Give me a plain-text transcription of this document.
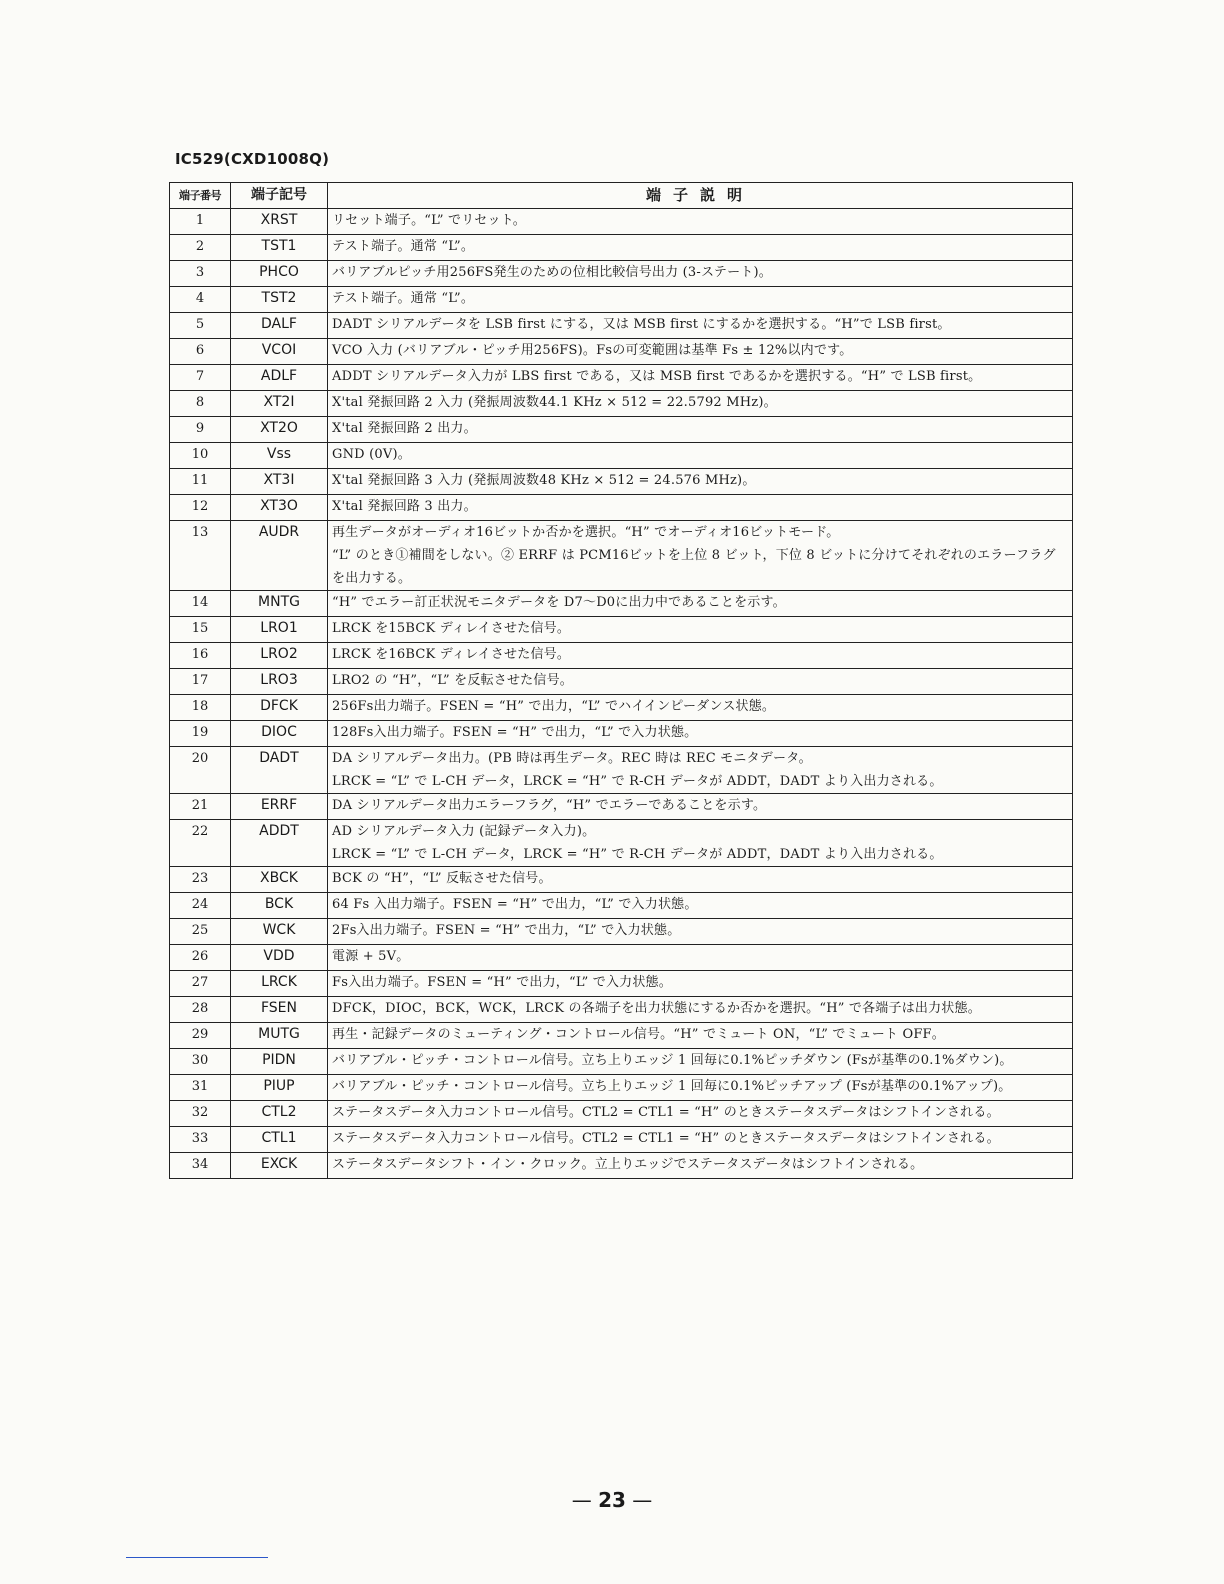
IC529(CXD1008Q)
端子番号	端子記号	端子説明
1	XRST	リセット端子。“L” でリセット。
2	TST1	テスト端子。通常 “L”。
3	PHCO	バリアブルピッチ用256FS発生のための位相比較信号出力 (3-ステート)。
4	TST2	テスト端子。通常 “L”。
5	DALF	DADT シリアルデータを LSB first にする，又は MSB first にするかを選択する。“H”で LSB first。
6	VCOI	VCO 入力 (バリアブル・ピッチ用256FS)。Fsの可変範囲は基準 Fs ± 12%以内です。
7	ADLF	ADDT シリアルデータ入力が LBS first である，又は MSB first であるかを選択する。“H” で LSB first。
8	XT2I	X'tal 発振回路 2 入力 (発振周波数44.1 KHz × 512 = 22.5792 MHz)。
9	XT2O	X'tal 発振回路 2 出力。
10	Vss	GND (0V)。
11	XT3I	X'tal 発振回路 3 入力 (発振周波数48 KHz × 512 = 24.576 MHz)。
12	XT3O	X'tal 発振回路 3 出力。
13	AUDR	再生データがオーディオ16ビットか否かを選択。“H” でオーディオ16ビットモード。
“L” のとき①補間をしない。② ERRF は PCM16ビットを上位 8 ビット，下位 8 ビットに分けてそれぞれのエラーフラグを出力する。
14	MNTG	“H” でエラー訂正状況モニタデータを D7〜D0に出力中であることを示す。
15	LRO1	LRCK を15BCK ディレイさせた信号。
16	LRO2	LRCK を16BCK ディレイさせた信号。
17	LRO3	LRO2 の “H”，“L” を反転させた信号。
18	DFCK	256Fs出力端子。FSEN = “H” で出力，“L” でハイインピーダンス状態。
19	DIOC	128Fs入出力端子。FSEN = “H” で出力，“L” で入力状態。
20	DADT	DA シリアルデータ出力。(PB 時は再生データ。REC 時は REC モニタデータ。
LRCK = “L” で L-CH データ，LRCK = “H” で R-CH データが ADDT，DADT より入出力される。
21	ERRF	DA シリアルデータ出力エラーフラグ，“H” でエラーであることを示す。
22	ADDT	AD シリアルデータ入力 (記録データ入力)。
LRCK = “L” で L-CH データ，LRCK = “H” で R-CH データが ADDT，DADT より入出力される。
23	XBCK	BCK の “H”，“L” 反転させた信号。
24	BCK	64 Fs 入出力端子。FSEN = “H” で出力，“L” で入力状態。
25	WCK	2Fs入出力端子。FSEN = “H” で出力，“L” で入力状態。
26	VDD	電源 + 5V。
27	LRCK	Fs入出力端子。FSEN = “H” で出力，“L” で入力状態。
28	FSEN	DFCK，DIOC，BCK，WCK，LRCK の各端子を出力状態にするか否かを選択。“H” で各端子は出力状態。
29	MUTG	再生・記録データのミューティング・コントロール信号。“H” でミュート ON，“L” でミュート OFF。
30	PIDN	バリアブル・ピッチ・コントロール信号。立ち上りエッジ 1 回毎に0.1%ピッチダウン (Fsが基準の0.1%ダウン)。
31	PIUP	バリアブル・ピッチ・コントロール信号。立ち上りエッジ 1 回毎に0.1%ピッチアップ (Fsが基準の0.1%アップ)。
32	CTL2	ステータスデータ入力コントロール信号。CTL2 = CTL1 = “H” のときステータスデータはシフトインされる。
33	CTL1	ステータスデータ入力コントロール信号。CTL2 = CTL1 = “H” のときステータスデータはシフトインされる。
34	EXCK	ステータスデータシフト・イン・クロック。立上りエッジでステータスデータはシフトインされる。
— 23 —
